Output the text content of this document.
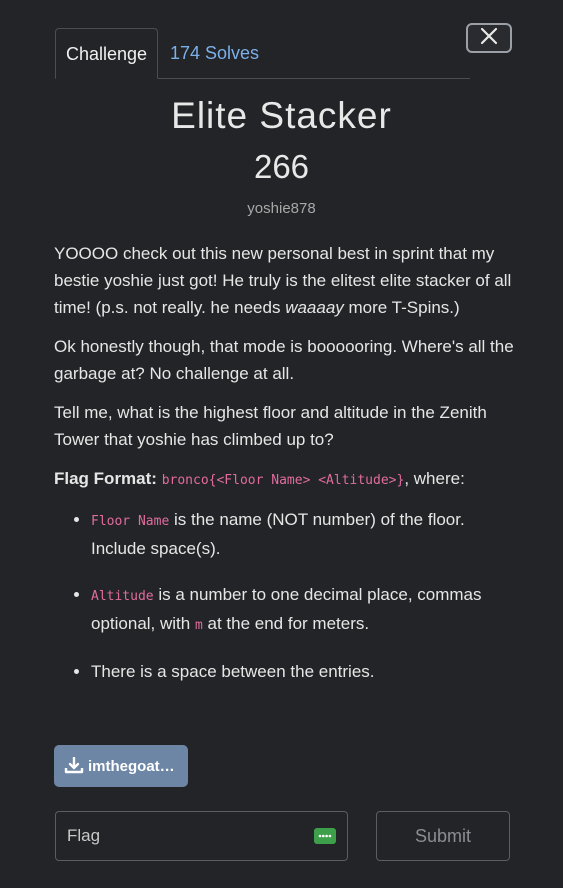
Challenge	174 Solves
Elite Stacker
266
yoshie878

YOOOO check out this new personal best in sprint that my bestie yoshie just got! He truly is the elitest elite stacker of all time! (p.s. not really. he needs waaaay more T-Spins.)

Ok honestly though, that mode is boooooring. Where's all the garbage at? No challenge at all.

Tell me, what is the highest floor and altitude in the Zenith Tower that yoshie has climbed up to?

Flag Format: bronco{<Floor Name> <Altitude>}, where:

• Floor Name is the name (NOT number) of the floor. Include space(s).
• Altitude is a number to one decimal place, commas optional, with m at the end for meters.
• There is a space between the entries.
imthegoat…
Flag
Submit
